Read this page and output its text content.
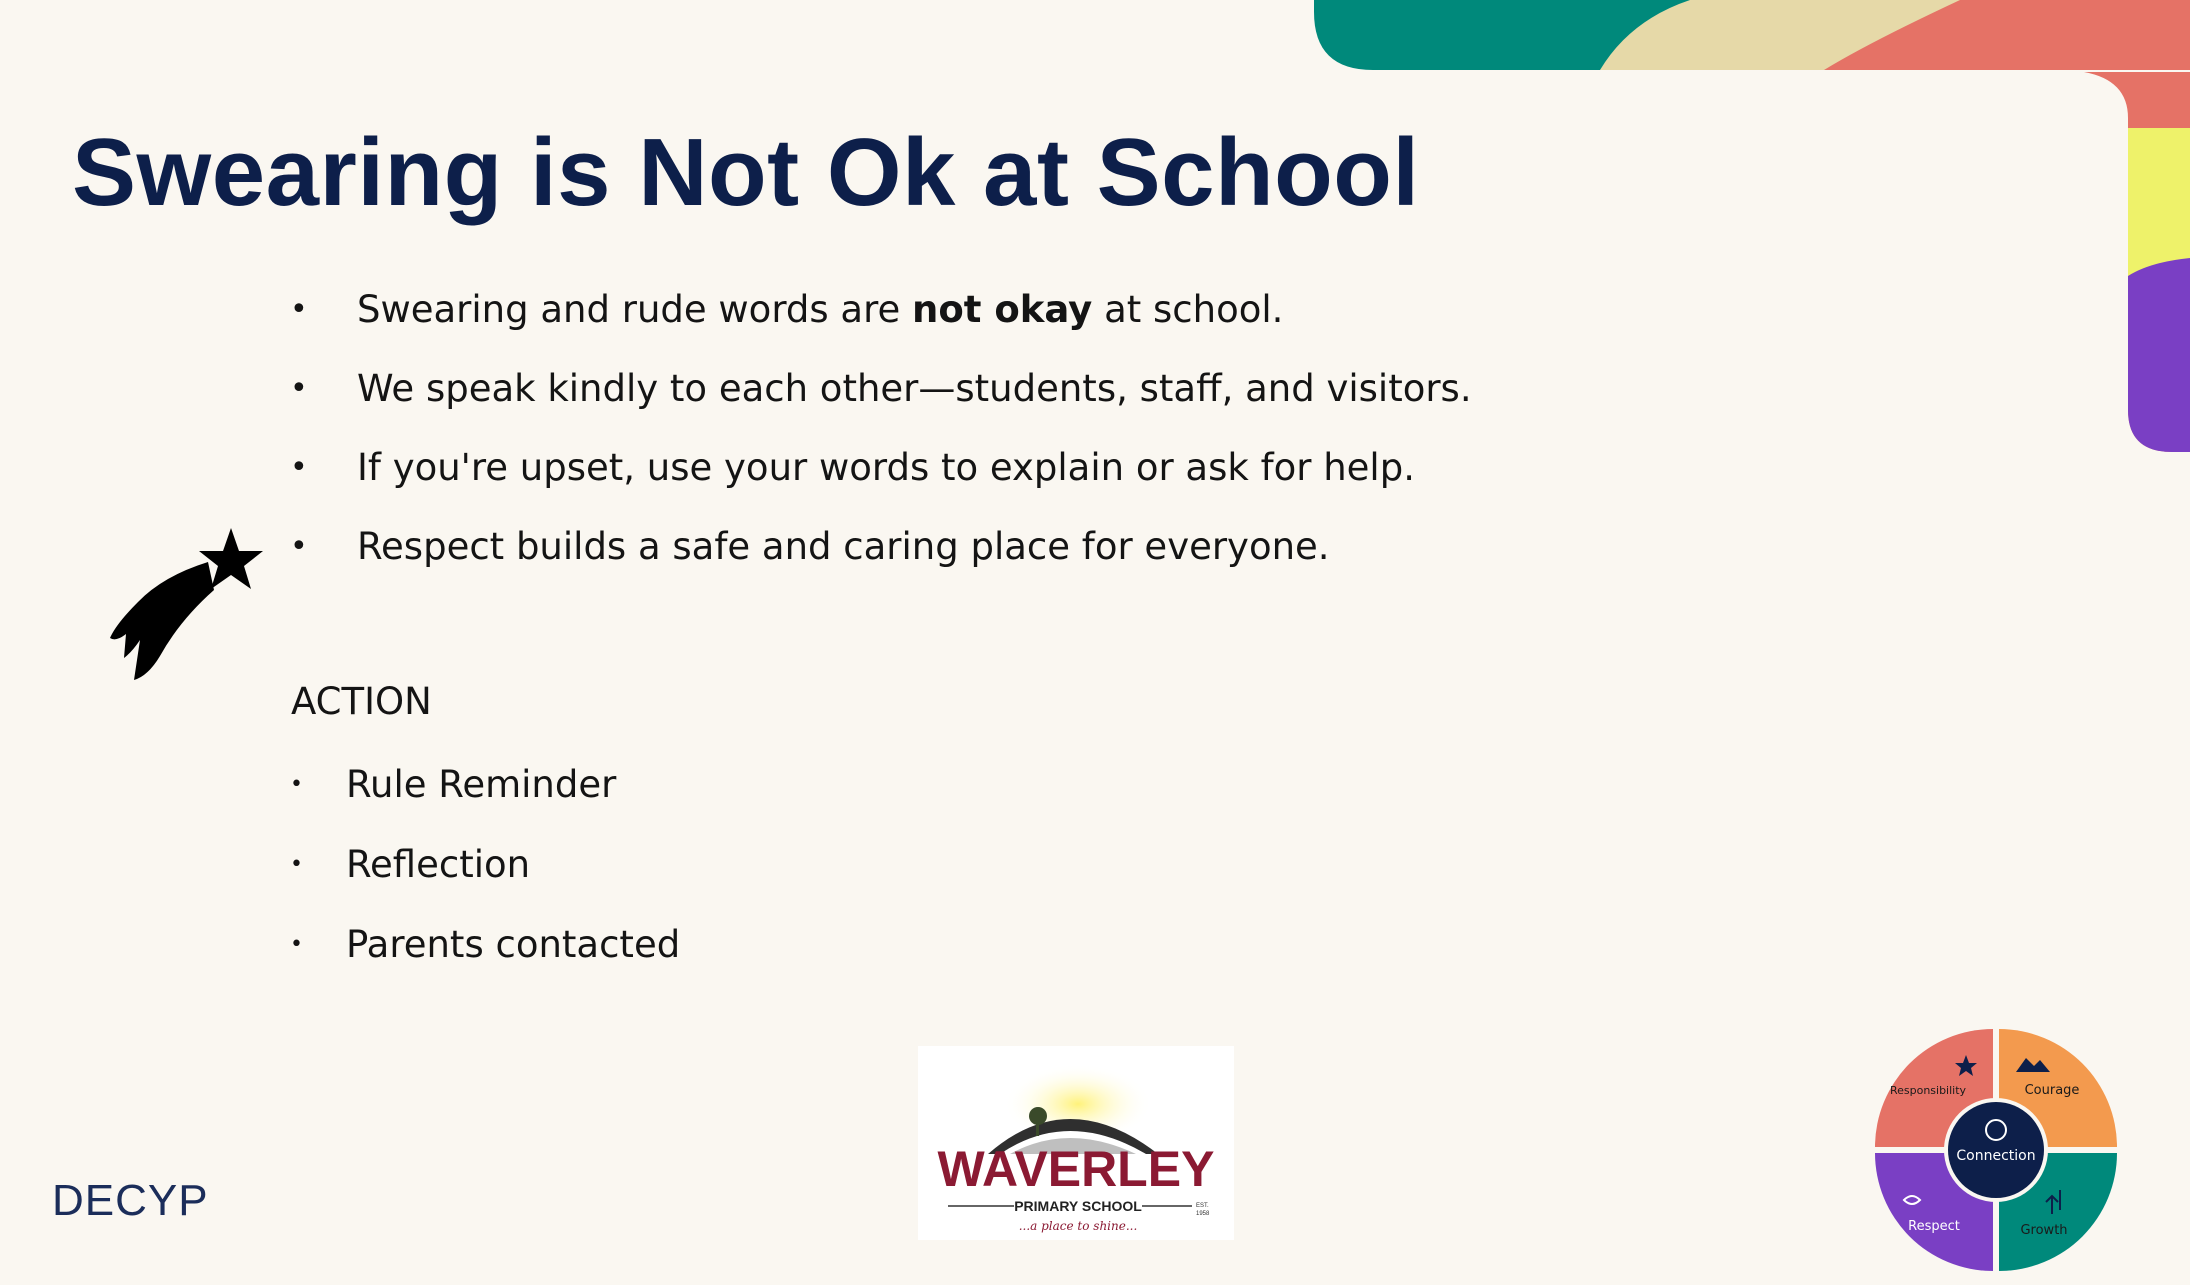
Swearing is Not Ok at School
• Swearing and rude words are not okay at school.
• We speak kindly to each other—students, staff, and visitors.
• If you're upset, use your words to explain or ask for help.
• Respect builds a safe and caring place for everyone.
ACTION
• Rule Reminder
• Reflection
• Parents contacted
DECYP
WAVERLEY
PRIMARY SCHOOL	EST.
1958
...a place to shine...
Connection
Responsibility	Courage
Respect	Growth
